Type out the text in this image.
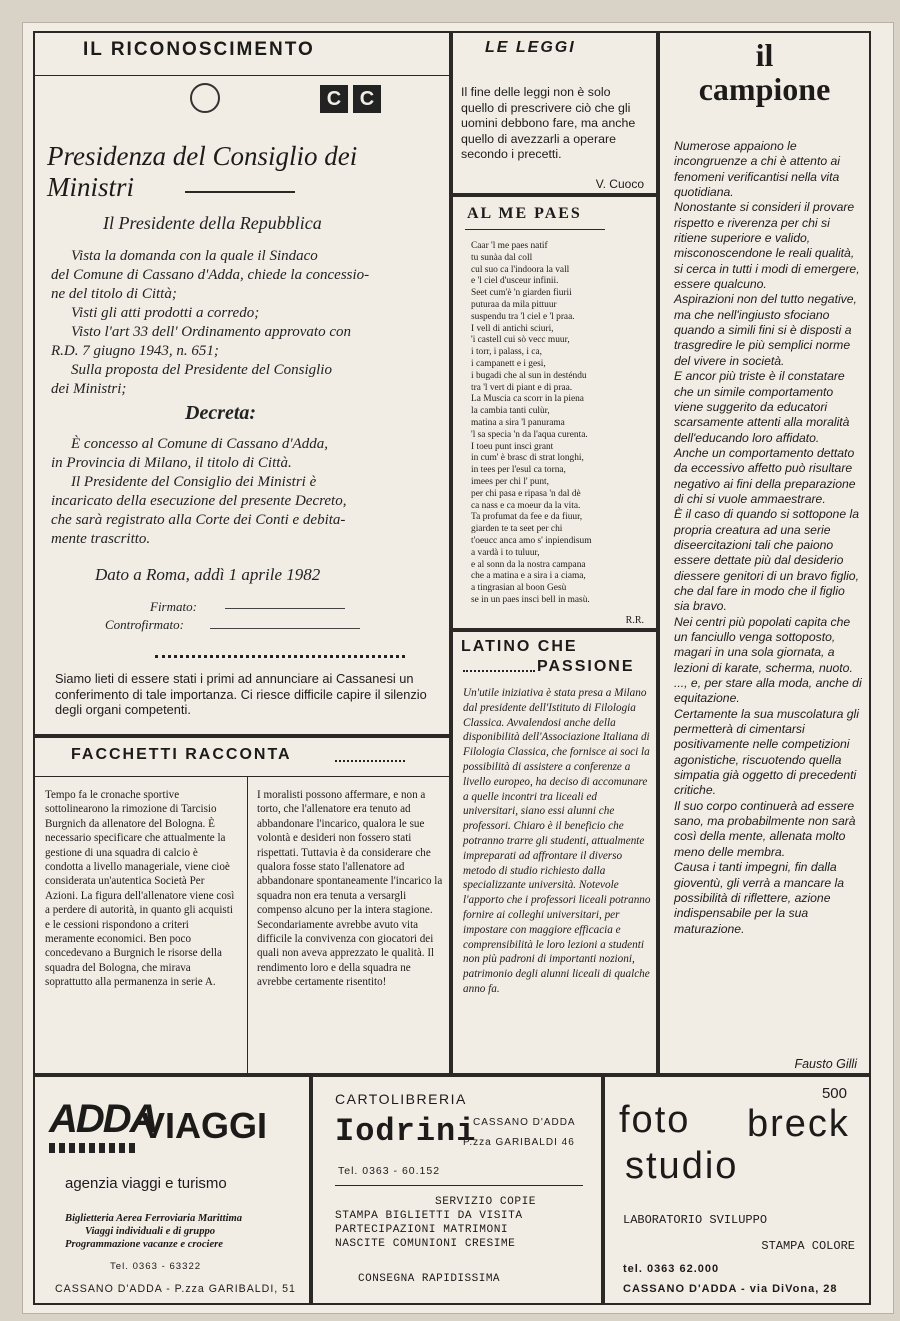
IL RICONOSCIMENTO
C C
Presidenza del Consiglio dei Ministri
Il Presidente della Repubblica
Vista la domanda con la quale il Sindaco
del Comune di Cassano d'Adda, chiede la concessio-
ne del titolo di Città;
Visti gli atti prodotti a corredo;
Visto l'art 33 dell' Ordinamento approvato con
R.D. 7 giugno 1943, n. 651;
Sulla proposta del Presidente del Consiglio
dei Ministri;
Decreta:
È concesso al Comune di Cassano d'Adda,
in Provincia di Milano, il titolo di Città.
Il Presidente del Consiglio dei Ministri è
incaricato della esecuzione del presente Decreto,
che sarà registrato alla Corte dei Conti e debita-
mente trascritto.
Dato a Roma, addì 1 aprile 1982
Firmato:
Controfirmato:
Siamo lieti di essere stati i primi ad annunciare ai Cassanesi un conferimento di tale importanza. Ci riesce difficile capire il silenzio degli organi competenti.
LE LEGGI
Il fine delle leggi non è solo quello di prescrivere ciò che gli uomini debbono fare, ma anche quello di avezzarli a operare secondo i precetti.
V. Cuoco
AL ME PAES
Caar 'l me paes natif
tu sunàa dal coll
cul suo ca l'indoora la vall
e 'l ciel d'usceur infinii.
Seet cum'è 'n giarden fiurii
puturaa da mila pittuur
suspendu tra 'l ciel e 'l praa.
I vell di antichi sciuri,
'i castell cui sò vecc muur,
i torr, i palass, i ca,
i campanett e i gesi,
i bugadi che al sun in desténdu
tra 'l vert di piant e di praa.
La Muscia ca scorr in la piena
la cambia tanti culùr,
matina a sira 'l panurama
'l sa specia 'n da l'aqua curenta.
I toeu punt insci grant
in cum' è brasc di strat longhi,
in tees per l'esul ca torna,
imees per chi l' punt,
per chi pasa e ripasa 'n dal dè
ca nass e ca moeur da la vita.
Ta profumat da fee e da fiuur,
giarden te ta seet per chi
t'oeucc anca amo s' inpiendisum
a vardà i to tuluur,
e al sonn da la nostra campana
che a matina e a sira i a ciama,
a tingrasian al boon Gesù
se in un paes insci bell in masù.
R.R.
LATINO CHE
PASSIONE
Un'utile iniziativa è stata presa a Milano dal presidente dell'Istituto di Filologia Classica. Avvalendosi anche della disponibilità dell'Associazione Italiana di Filologia Classica, che fornisce ai soci la possibilità di assistere a conferenze a livello europeo, ha deciso di accomunare a quelle incontri tra liceali ed universitari, siano essi alunni che professori. Chiaro è il beneficio che potranno trarre gli studenti, attualmente impreparati ad affrontare il diverso metodo di studio richiesto dalla specializzante università. Notevole l'apporto che i professori liceali potranno fornire ai colleghi universitari, per impostare con maggiore efficacia e comprensibilità le loro lezioni a studenti non più padroni di importanti nozioni, patrimonio degli alunni liceali di qualche anno fa.
il
campione
Numerose appaiono le incongruenze a chi è attento ai fenomeni verificantisi nella vita quotidiana.
Nonostante si consideri il provare rispetto e riverenza per chi si ritiene superiore e valido, misconoscendone le reali qualità, si cerca in tutti i modi di emergere, essere qualcuno.
Aspirazioni non del tutto negative, ma che nell'ingiusto sfociano quando a simili fini si è disposti a trasgredire le più semplici norme del vivere in società.
E ancor più triste è il constatare che un simile comportamento viene suggerito da educatori scarsamente attenti alla moralità dell'educando loro affidato.
Anche un comportamento dettato da eccessivo affetto può risultare negativo ai fini della preparazione di chi si vuole ammaestrare.
È il caso di quando si sottopone la propria creatura ad una serie diseercitazioni tali che paiono essere dettate più dal desiderio diessere genitori di un bravo figlio, che dal fare in modo che il figlio sia bravo.
Nei centri più popolati capita che un fanciullo venga sottoposto, magari in una sola giornata, a lezioni di karate, scherma, nuoto. ..., e, per stare alla moda, anche di equitazione.
Certamente la sua muscolatura gli permetterà di cimentarsi positivamente nelle competizioni agonistiche, riscuotendo quella simpatia già oggetto di precedenti critiche.
Il suo corpo continuerà ad essere sano, ma probabilmente non sarà così della mente, allenata molto meno delle membra.
Causa i tanti impegni, fin dalla gioventù, gli verrà a mancare la possibilità di riflettere, azione indispensabile per la sua maturazione.
Fausto Gilli
FACCHETTI RACCONTA
Tempo fa le cronache sportive sottolinearono la rimozione di Tarcisio Burgnich da allenatore del Bologna. È necessario specificare che attualmente la gestione di una squadra di calcio è condotta a livello manageriale, viene cioè considerata un'autentica Società Per Azioni. La figura dell'allenatore viene così a perdere di autorità, in quanto gli acquisti e le cessioni rispondono a criteri meramente economici. Ben poco concedevano a Burgnich le risorse della squadra del Bologna, che mirava soprattutto alla permanenza in serie A.
I moralisti possono affermare, e non a torto, che l'allenatore era tenuto ad abbandonare l'incarico, qualora le sue volontà e desideri non fossero stati rispettati. Tuttavia è da considerare che qualora fosse stato l'allenatore ad abbandonare spontaneamente l'incarico la squadra non era tenuta a versargli compenso alcuno per la intera stagione. Secondariamente avrebbe avuto vita difficile la convivenza con giocatori dei quali non aveva apprezzato le qualità. Il rendimento loro e della squadra ne avrebbe certamente risentito!
ADDA
VIAGGI
agenzia viaggi e turismo
Biglietteria Aerea Ferroviaria Marittima
Viaggi individuali e di gruppo
Programmazione vacanze e crociere
Tel. 0363 - 63322
CASSANO D'ADDA - P.zza GARIBALDI, 51
CARTOLIBRERIA
Iodrini
CASSANO D'ADDA
P.zza GARIBALDI 46
Tel. 0363 - 60.152
SERVIZIO COPIE
STAMPA BIGLIETTI DA VISITA
PARTECIPAZIONI MATRIMONI
NASCITE COMUNIONI CRESIME
CONSEGNA RAPIDISSIMA
500
foto breck
studio
LABORATORIO SVILUPPO
STAMPA COLORE
tel. 0363 62.000
CASSANO D'ADDA - via DiVona, 28
